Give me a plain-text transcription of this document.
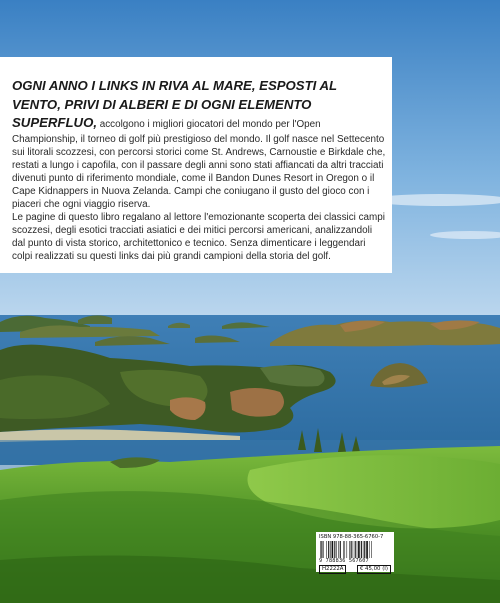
OGNI ANNO I LINKS IN RIVA AL MARE, ESPOSTI AL VENTO, PRIVI DI ALBERI E DI OGNI ELEMENTO SUPERFLUO, accolgono i migliori giocatori del mondo per l'Open Championship, il torneo di golf più prestigioso del mondo. Il golf nasce nel Settecento sui litorali scozzesi, con percorsi storici come St. Andrews, Carnoustie e Birkdale che, restati a lungo i capofila, con il passare degli anni sono stati affiancati da altri tracciati divenuti punto di riferimento mondiale, come il Bandon Dunes Resort in Oregon o il Cape Kidnappers in Nuova Zelanda. Campi che coniugano il gusto del gioco con i piaceri che ogni viaggio riserva.

Le pagine di questo libro regalano al lettore l'emozionante scoperta dei classici campi scozzesi, degli esotici tracciati asiatici e dei mitici percorsi americani, analizzandoli dal punto di vista storico, architettonico e tecnico. Senza dimenticare i leggendari colpi realizzati su questi links dai più grandi campioni della storia del golf.

ISBN 978-88-365-6760-7
9 788836 567607
H2222A	€ 45,00 (I)
